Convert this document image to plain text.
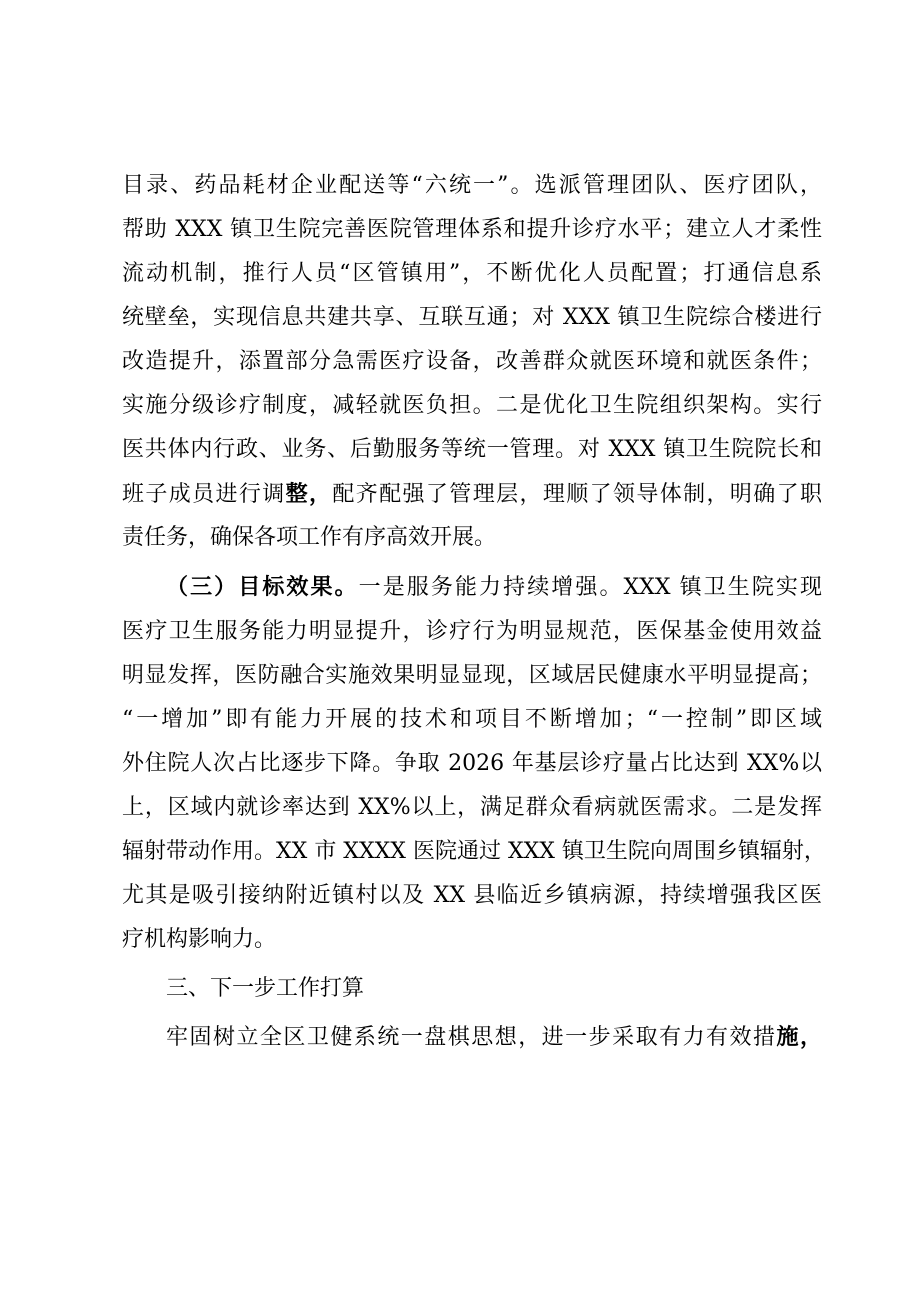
目录、药品耗材企业配送等“六统一”。选派管理团队、医疗团队，
帮助 XXX 镇卫生院完善医院管理体系和提升诊疗水平；建立人才柔性
流动机制，推行人员“区管镇用”，不断优化人员配置；打通信息系
统壁垒，实现信息共建共享、互联互通；对 XXX 镇卫生院综合楼进行
改造提升，添置部分急需医疗设备，改善群众就医环境和就医条件；
实施分级诊疗制度，减轻就医负担。二是优化卫生院组织架构。实行
医共体内行政、业务、后勤服务等统一管理。对 XXX 镇卫生院院长和
班子成员进行调整，配齐配强了管理层，理顺了领导体制，明确了职
责任务，确保各项工作有序高效开展。
（三）目标效果。一是服务能力持续增强。XXX 镇卫生院实现
医疗卫生服务能力明显提升，诊疗行为明显规范，医保基金使用效益
明显发挥，医防融合实施效果明显显现，区域居民健康水平明显提高；
“一增加”即有能力开展的技术和项目不断增加；“一控制”即区域
外住院人次占比逐步下降。争取 2026 年基层诊疗量占比达到 XX%以
上，区域内就诊率达到 XX%以上，满足群众看病就医需求。二是发挥
辐射带动作用。XX 市 XXXX 医院通过 XXX 镇卫生院向周围乡镇辐射，
尤其是吸引接纳附近镇村以及 XX 县临近乡镇病源，持续增强我区医
疗机构影响力。
三、下一步工作打算
牢固树立全区卫健系统一盘棋思想，进一步采取有力有效措施，
